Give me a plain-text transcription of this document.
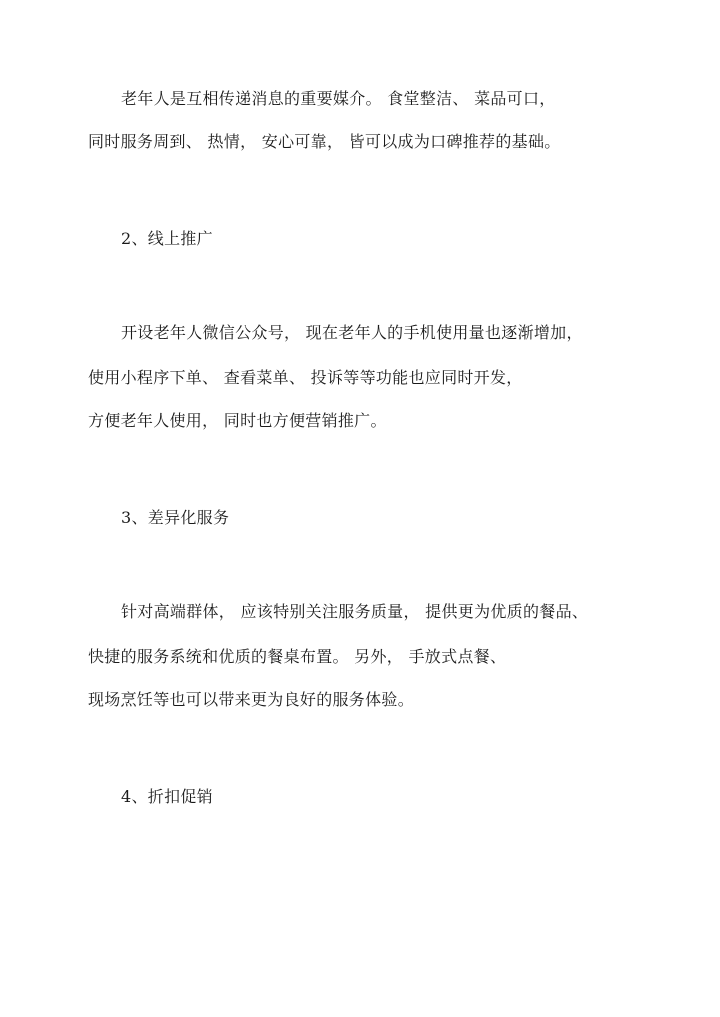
老年人是互相传递消息的重要媒介。 食堂整洁、 菜品可口，
同时服务周到、 热情， 安心可靠， 皆可以成为口碑推荐的基础。
2、线上推广
开设老年人微信公众号， 现在老年人的手机使用量也逐渐增加，
使用小程序下单、 查看菜单、 投诉等等功能也应同时开发，
方便老年人使用， 同时也方便营销推广。
3、差异化服务
针对高端群体， 应该特别关注服务质量， 提供更为优质的餐品、
快捷的服务系统和优质的餐桌布置。 另外， 手放式点餐、
现场烹饪等也可以带来更为良好的服务体验。
4、折扣促销
